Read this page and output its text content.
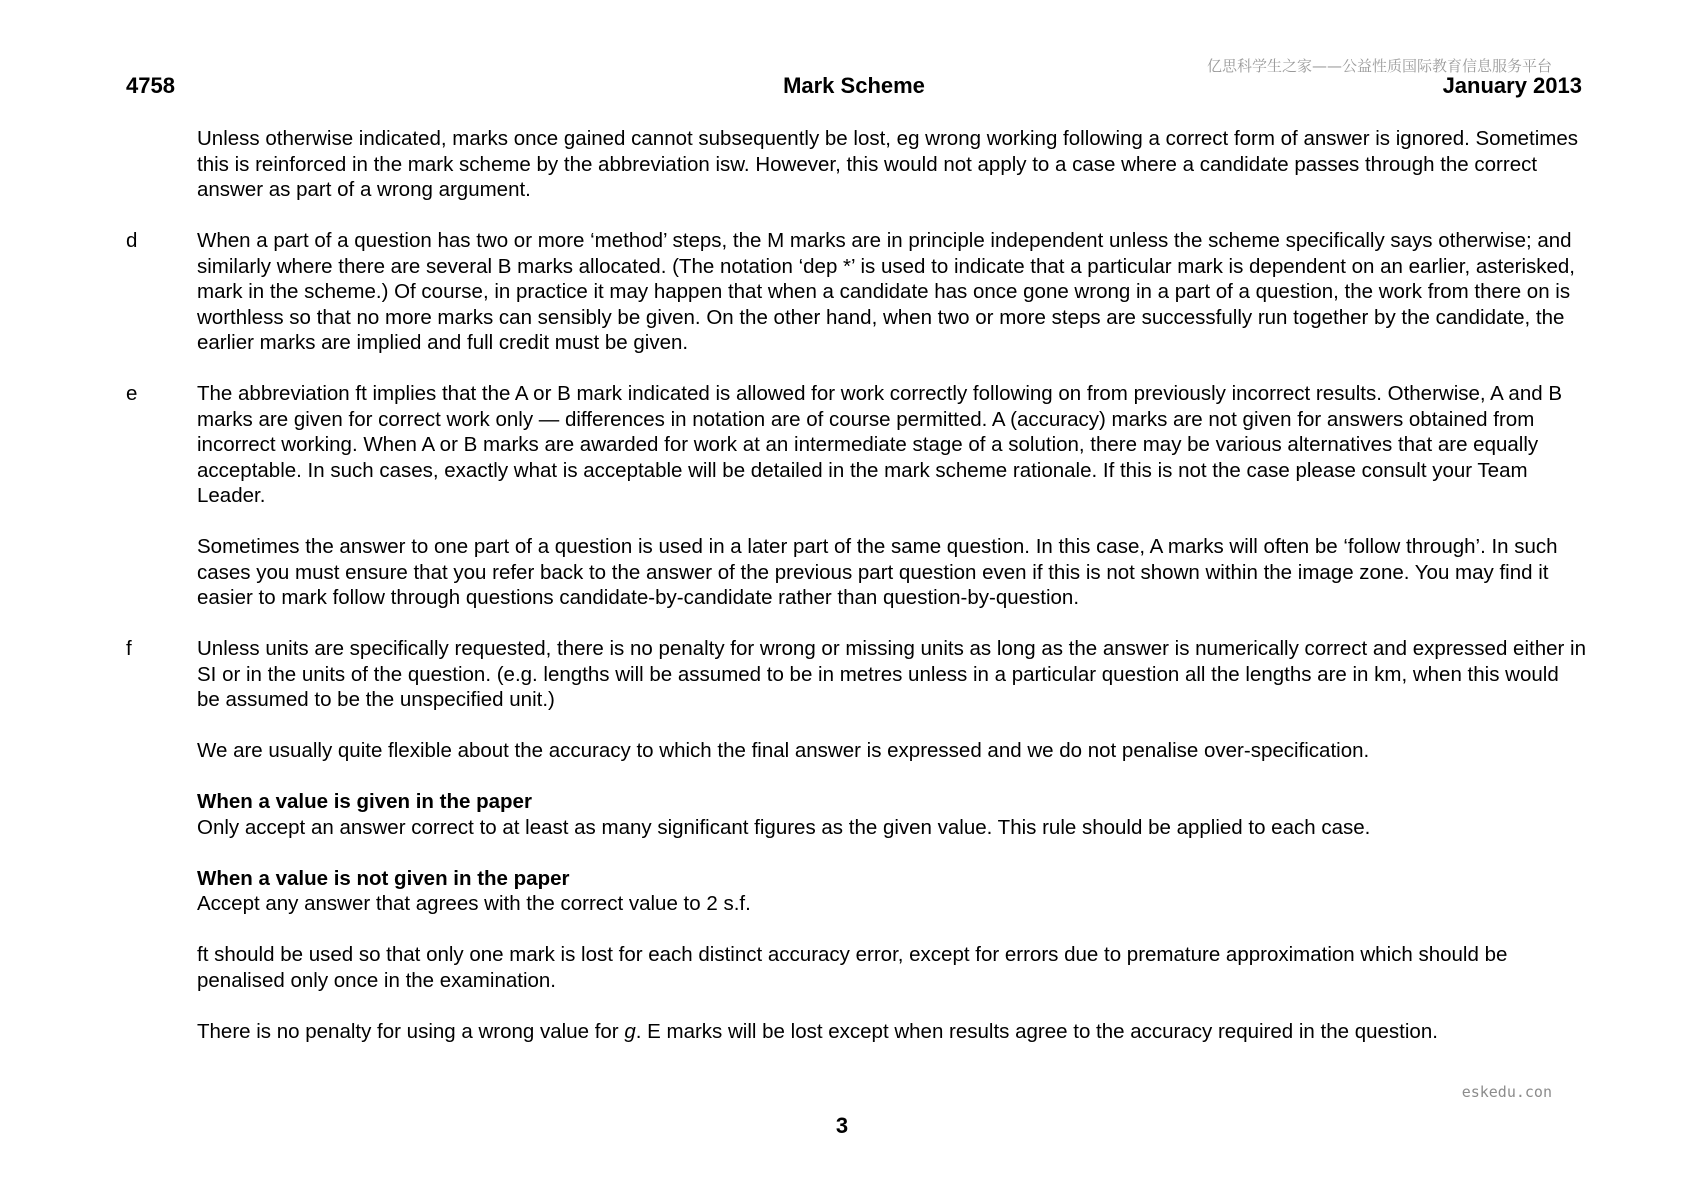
亿思科学生之家——公益性质国际教育信息服务平台
4758	Mark Scheme	January 2013

Unless otherwise indicated, marks once gained cannot subsequently be lost, eg wrong working following a correct form of answer is ignored. Sometimes this is reinforced in the mark scheme by the abbreviation isw. However, this would not apply to a case where a candidate passes through the correct answer as part of a wrong argument.

d	When a part of a question has two or more ‘method’ steps, the M marks are in principle independent unless the scheme specifically says otherwise; and similarly where there are several B marks allocated. (The notation ‘dep *’ is used to indicate that a particular mark is dependent on an earlier, asterisked, mark in the scheme.) Of course, in practice it may happen that when a candidate has once gone wrong in a part of a question, the work from there on is worthless so that no more marks can sensibly be given. On the other hand, when two or more steps are successfully run together by the candidate, the earlier marks are implied and full credit must be given.

e	The abbreviation ft implies that the A or B mark indicated is allowed for work correctly following on from previously incorrect results. Otherwise, A and B marks are given for correct work only — differences in notation are of course permitted. A (accuracy) marks are not given for answers obtained from incorrect working. When A or B marks are awarded for work at an intermediate stage of a solution, there may be various alternatives that are equally acceptable. In such cases, exactly what is acceptable will be detailed in the mark scheme rationale. If this is not the case please consult your Team Leader.

Sometimes the answer to one part of a question is used in a later part of the same question. In this case, A marks will often be ‘follow through’. In such cases you must ensure that you refer back to the answer of the previous part question even if this is not shown within the image zone. You may find it easier to mark follow through questions candidate-by-candidate rather than question-by-question.

f	Unless units are specifically requested, there is no penalty for wrong or missing units as long as the answer is numerically correct and expressed either in SI or in the units of the question. (e.g. lengths will be assumed to be in metres unless in a particular question all the lengths are in km, when this would be assumed to be the unspecified unit.)

We are usually quite flexible about the accuracy to which the final answer is expressed and we do not penalise over-specification.

When a value is given in the paper

Only accept an answer correct to at least as many significant figures as the given value. This rule should be applied to each case.

When a value is not given in the paper

Accept any answer that agrees with the correct value to 2 s.f.

ft should be used so that only one mark is lost for each distinct accuracy error, except for errors due to premature approximation which should be penalised only once in the examination.

There is no penalty for using a wrong value for g. E marks will be lost except when results agree to the accuracy required in the question.

eskedu.con
3
